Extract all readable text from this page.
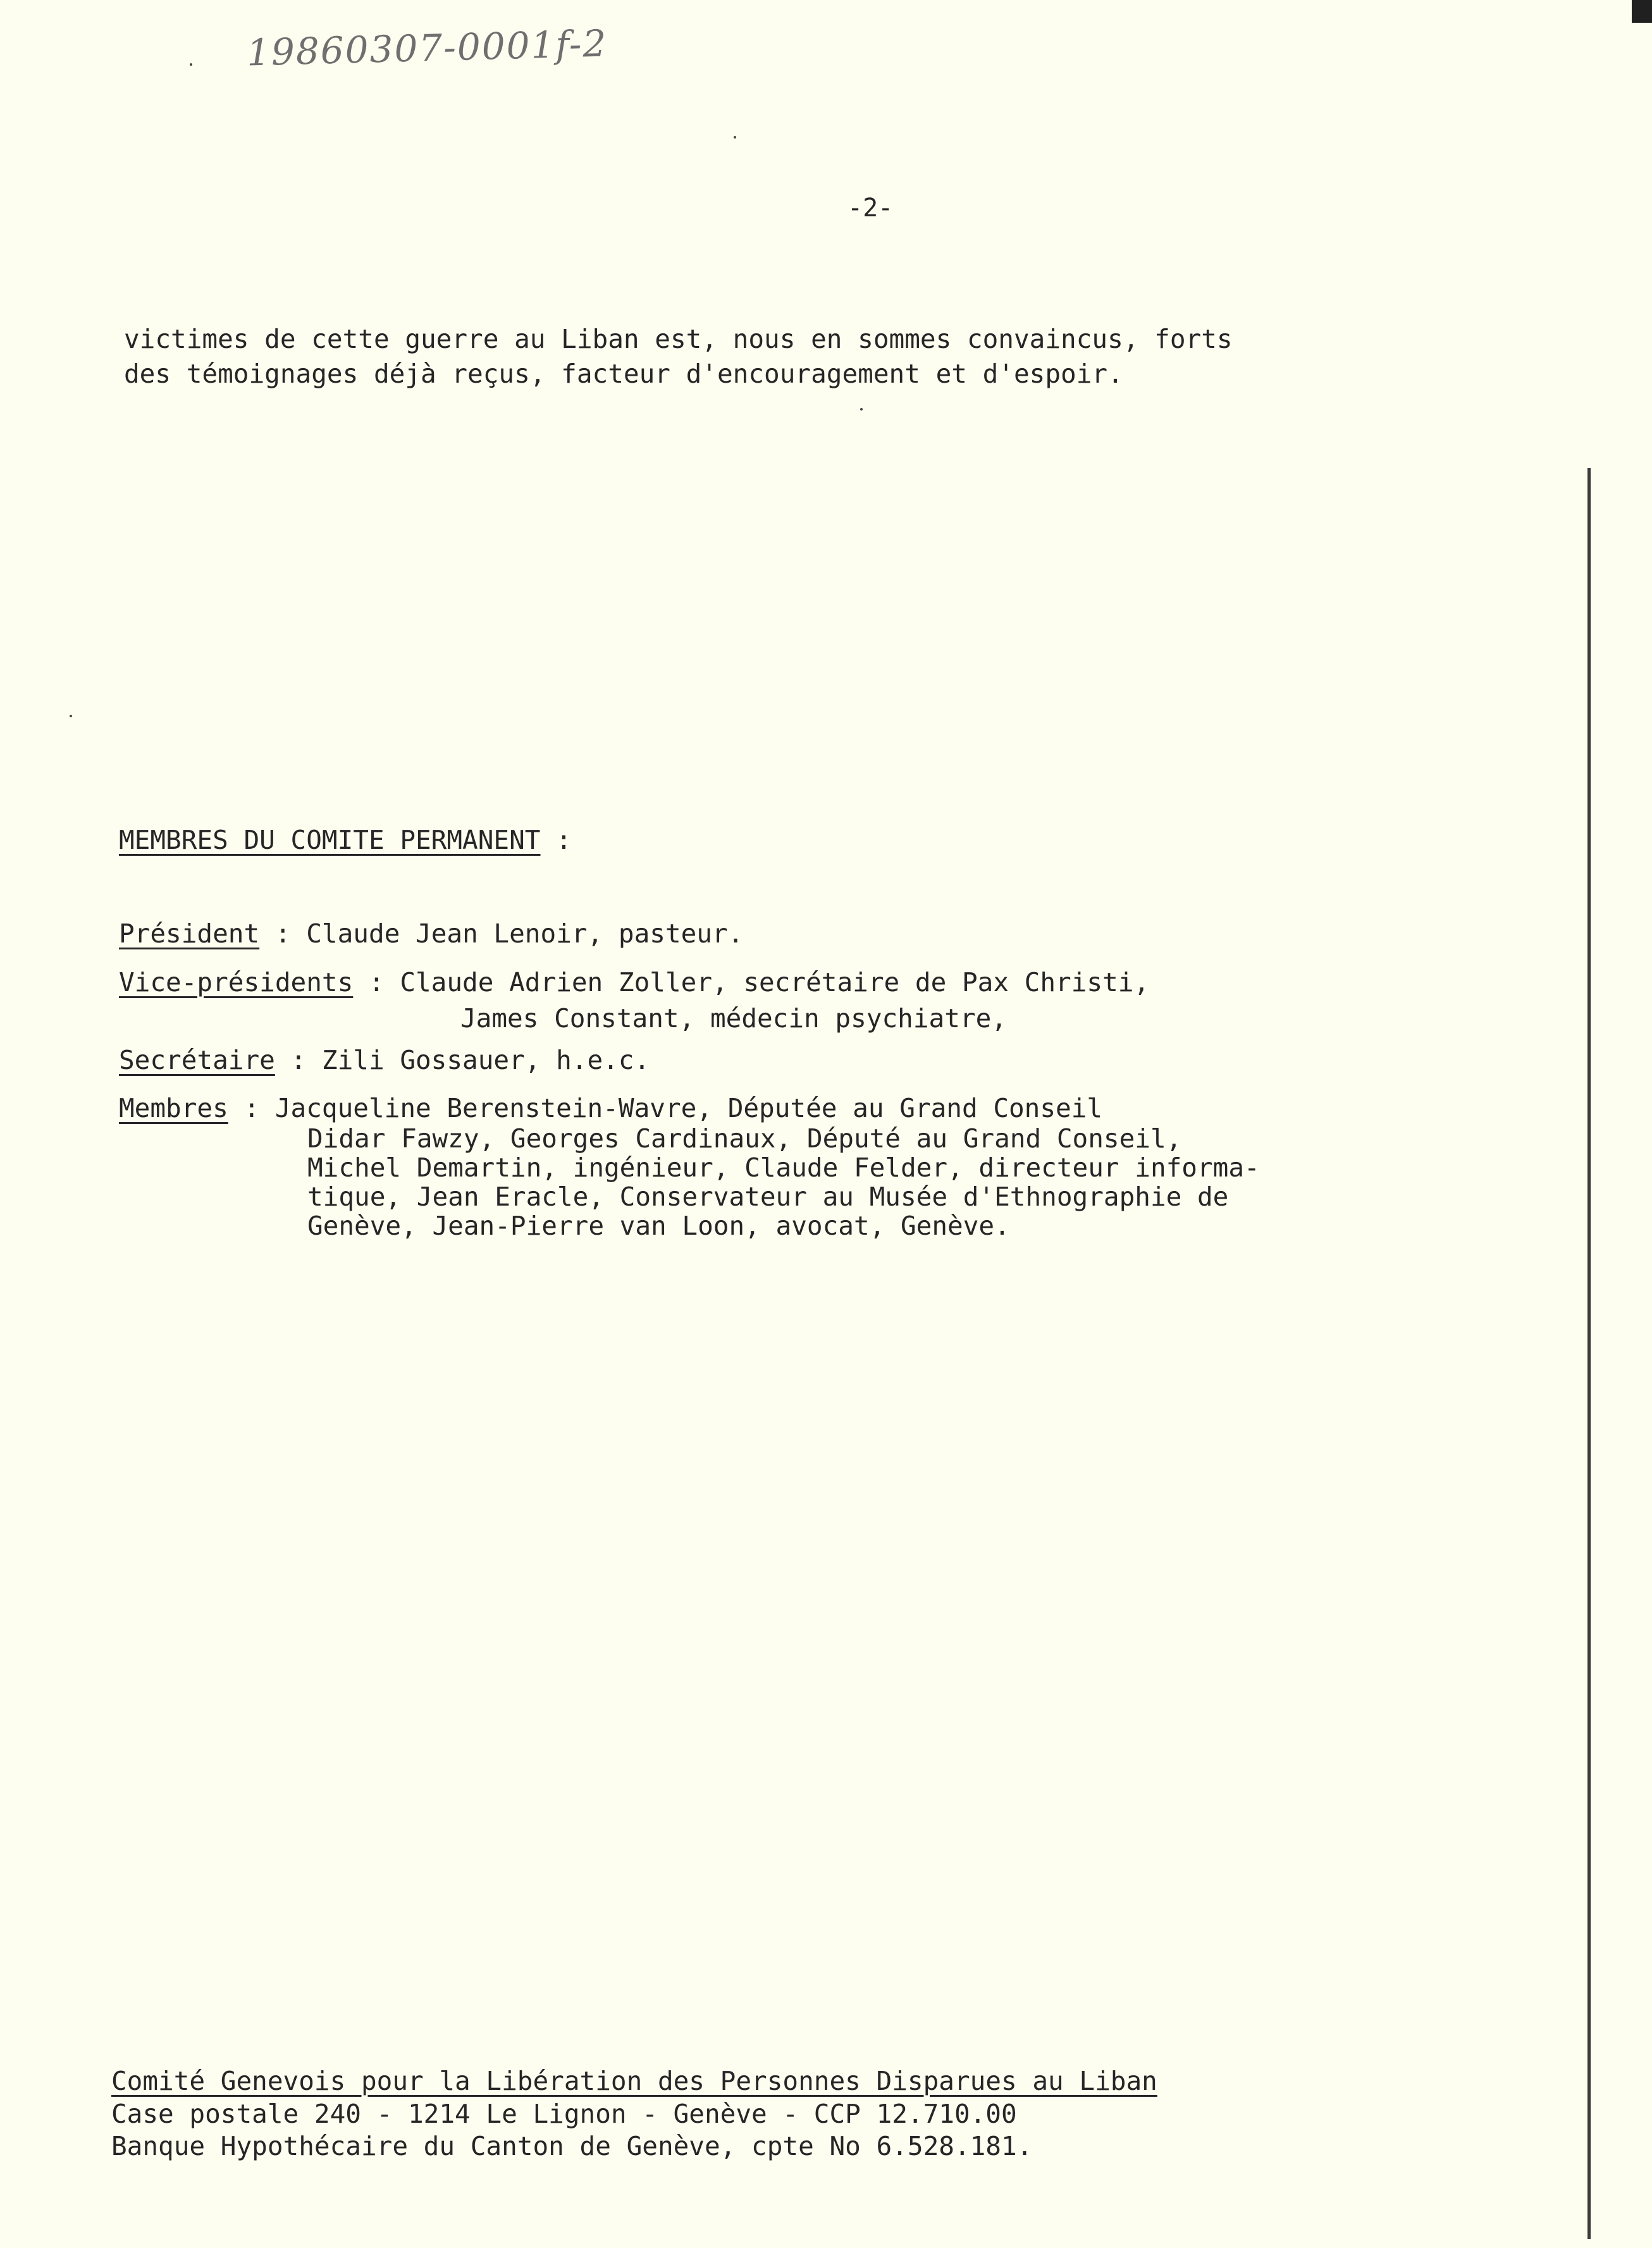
19860307-0001f-2
-2-
victimes de cette guerre au Liban est, nous en sommes convaincus, forts
des témoignages déjà reçus, facteur d'encouragement et d'espoir.
MEMBRES DU COMITE PERMANENT :
Président : Claude Jean Lenoir, pasteur.
Vice-présidents : Claude Adrien Zoller, secrétaire de Pax Christi,
James Constant, médecin psychiatre,
Secrétaire : Zili Gossauer, h.e.c.
Membres : Jacqueline Berenstein-Wavre, Députée au Grand Conseil
Didar Fawzy, Georges Cardinaux, Député au Grand Conseil,
Michel Demartin, ingénieur, Claude Felder, directeur informa-
tique, Jean Eracle, Conservateur au Musée d'Ethnographie de
Genève, Jean-Pierre van Loon, avocat, Genève.
Comité Genevois pour la Libération des Personnes Disparues au Liban
Case postale 240 - 1214 Le Lignon - Genève - CCP 12.710.00
Banque Hypothécaire du Canton de Genève, cpte No 6.528.181.
